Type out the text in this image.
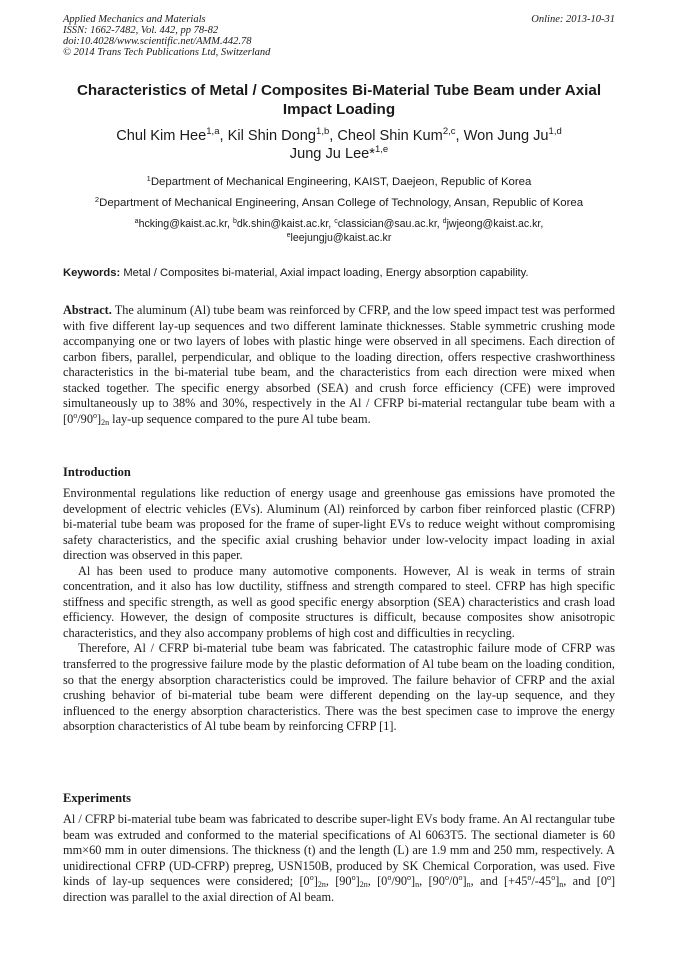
Applied Mechanics and Materials
ISSN: 1662-7482, Vol. 442, pp 78-82
doi:10.4028/www.scientific.net/AMM.442.78
© 2014 Trans Tech Publications Ltd, Switzerland
Online: 2013-10-31
Characteristics of Metal / Composites Bi-Material Tube Beam under Axial Impact Loading
Chul Kim Hee$^{1,a}$, Kil Shin Dong$^{1,b}$, Cheol Shin Kum$^{2,c}$, Won Jung Ju$^{1,d}$
Jung Ju Lee*$^{1,e}$
$^1$Department of Mechanical Engineering, KAIST, Daejeon, Republic of Korea
$^2$Department of Mechanical Engineering, Ansan College of Technology, Ansan, Republic of Korea
$^a$hcking@kaist.ac.kr, $^b$dk.shin@kaist.ac.kr, $^c$classician@sau.ac.kr, $^d$jwjeong@kaist.ac.kr,
$^e$leejungju@kaist.ac.kr
Keywords: Metal / Composites bi-material, Axial impact loading, Energy absorption capability.

Abstract. The aluminum (Al) tube beam was reinforced by CFRP, and the low speed impact test was performed with five different lay-up sequences and two different laminate thicknesses. Stable symmetric crushing mode accompanying one or two layers of lobes with plastic hinge were observed in all specimens. Each direction of carbon fibers, parallel, perpendicular, and oblique to the loading direction, offers respective crashworthiness characteristics in the bi-material tube beam, and the characteristics from each direction were mixed when stacked together. The specific energy absorbed (SEA) and crush force efficiency (CFE) were improved simultaneously up to 38% and 30%, respectively in the Al / CFRP bi-material rectangular tube beam with a $[0^o/90^o]_{2n}$ lay-up sequence compared to the pure Al tube beam.

Introduction

Environmental regulations like reduction of energy usage and greenhouse gas emissions have promoted the development of electric vehicles (EVs). Aluminum (Al) reinforced by carbon fiber reinforced plastic (CFRP) bi-material tube beam was proposed for the frame of super-light EVs to reduce weight without compromising safety characteristics, and the specific axial crushing behavior under low-velocity impact loading in axial direction was observed in this paper.

Al has been used to produce many automotive components. However, Al is weak in terms of strain concentration, and it also has low ductility, stiffness and strength compared to steel. CFRP has high specific stiffness and specific strength, as well as good specific energy absorption (SEA) characteristics and crash load efficiency. However, the design of composite structures is difficult, because composites show anisotropic characteristics, and they also accompany problems of high cost and difficulties in recycling.

Therefore, Al / CFRP bi-material tube beam was fabricated. The catastrophic failure mode of CFRP was transferred to the progressive failure mode by the plastic deformation of Al tube beam on the loading condition, so that the energy absorption characteristics could be improved. The failure behavior of CFRP and the axial crushing behavior of bi-material tube beam were different depending on the lay-up sequence, and they influenced to the energy absorption characteristics. There was the best specimen case to improve the energy absorption characteristics of Al tube beam by reinforcing CFRP [1].

Experiments

Al / CFRP bi-material tube beam was fabricated to describe super-light EVs body frame. An Al rectangular tube beam was extruded and conformed to the material specifications of Al 6063T5. The sectional diameter is 60 mm×60 mm in outer dimensions. The thickness (t) and the length (L) are 1.9 mm and 250 mm, respectively. A unidirectional CFRP (UD-CFRP) prepreg, USN150B, produced by SK Chemical Corporation, was used. Five kinds of lay-up sequences were considered; $[0^o]_{2n}$, $[90^o]_{2n}$, $[0^o/90^o]_n$, $[90^o/0^o]_n$, and $[+45^o/-45^o]_n$, and [0$^o$] direction was parallel to the axial direction of Al beam.
